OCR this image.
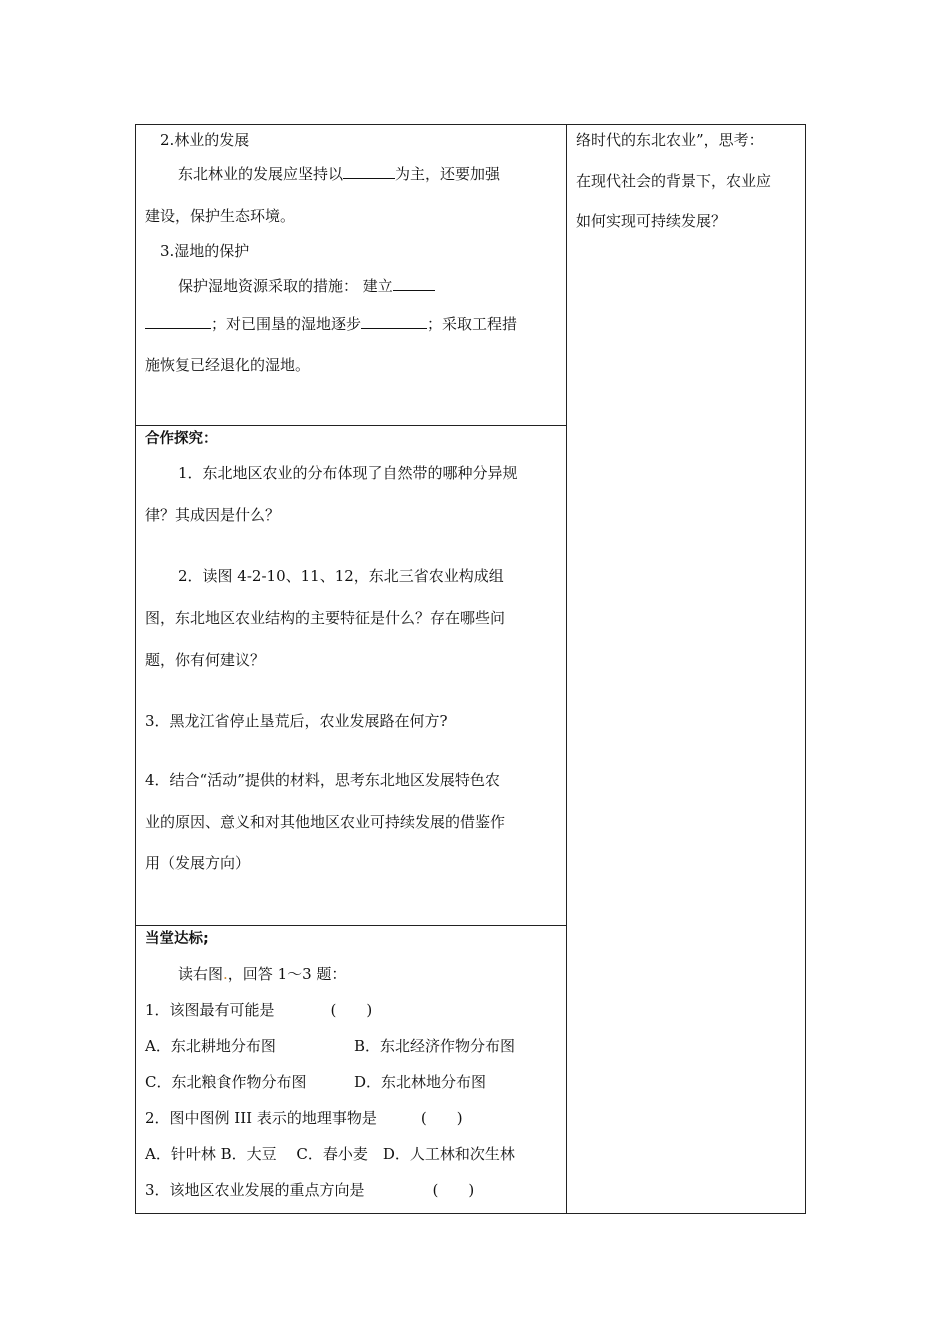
2.林业的发展
东北林业的发展应坚持以	为主，还要加强
建设，保护生态环境。
3.湿地的保护
保护湿地资源采取的措施： 建立
；对已围垦的湿地逐步	；采取工程措
施恢复已经退化的湿地。

络时代的东北农业”，思考：
在现代社会的背景下，农业应
如何实现可持续发展？

合作探究：
1．东北地区农业的分布体现了自然带的哪种分异规
律？其成因是什么？
2．读图 4-2-10、11、12，东北三省农业构成组
图，东北地区农业结构的主要特征是什么？存在哪些问
题，你有何建议？
3．黑龙江省停止垦荒后，农业发展路在何方?
4．结合“活动”提供的材料，思考东北地区发展特色农
业的原因、意义和对其他地区农业可持续发展的借鉴作
用（发展方向）

当堂达标;
读右图.，回答 1～3 题：
1．该图最有可能是	(　　)
A．东北耕地分布图	B．东北经济作物分布图
C．东北粮食作物分布图	D．东北林地分布图
2．图中图例 III 表示的地理事物是	(　　)
A．针叶林 B．大豆　 C．春小麦　D．人工林和次生林
3．该地区农业发展的重点方向是	(　　)
